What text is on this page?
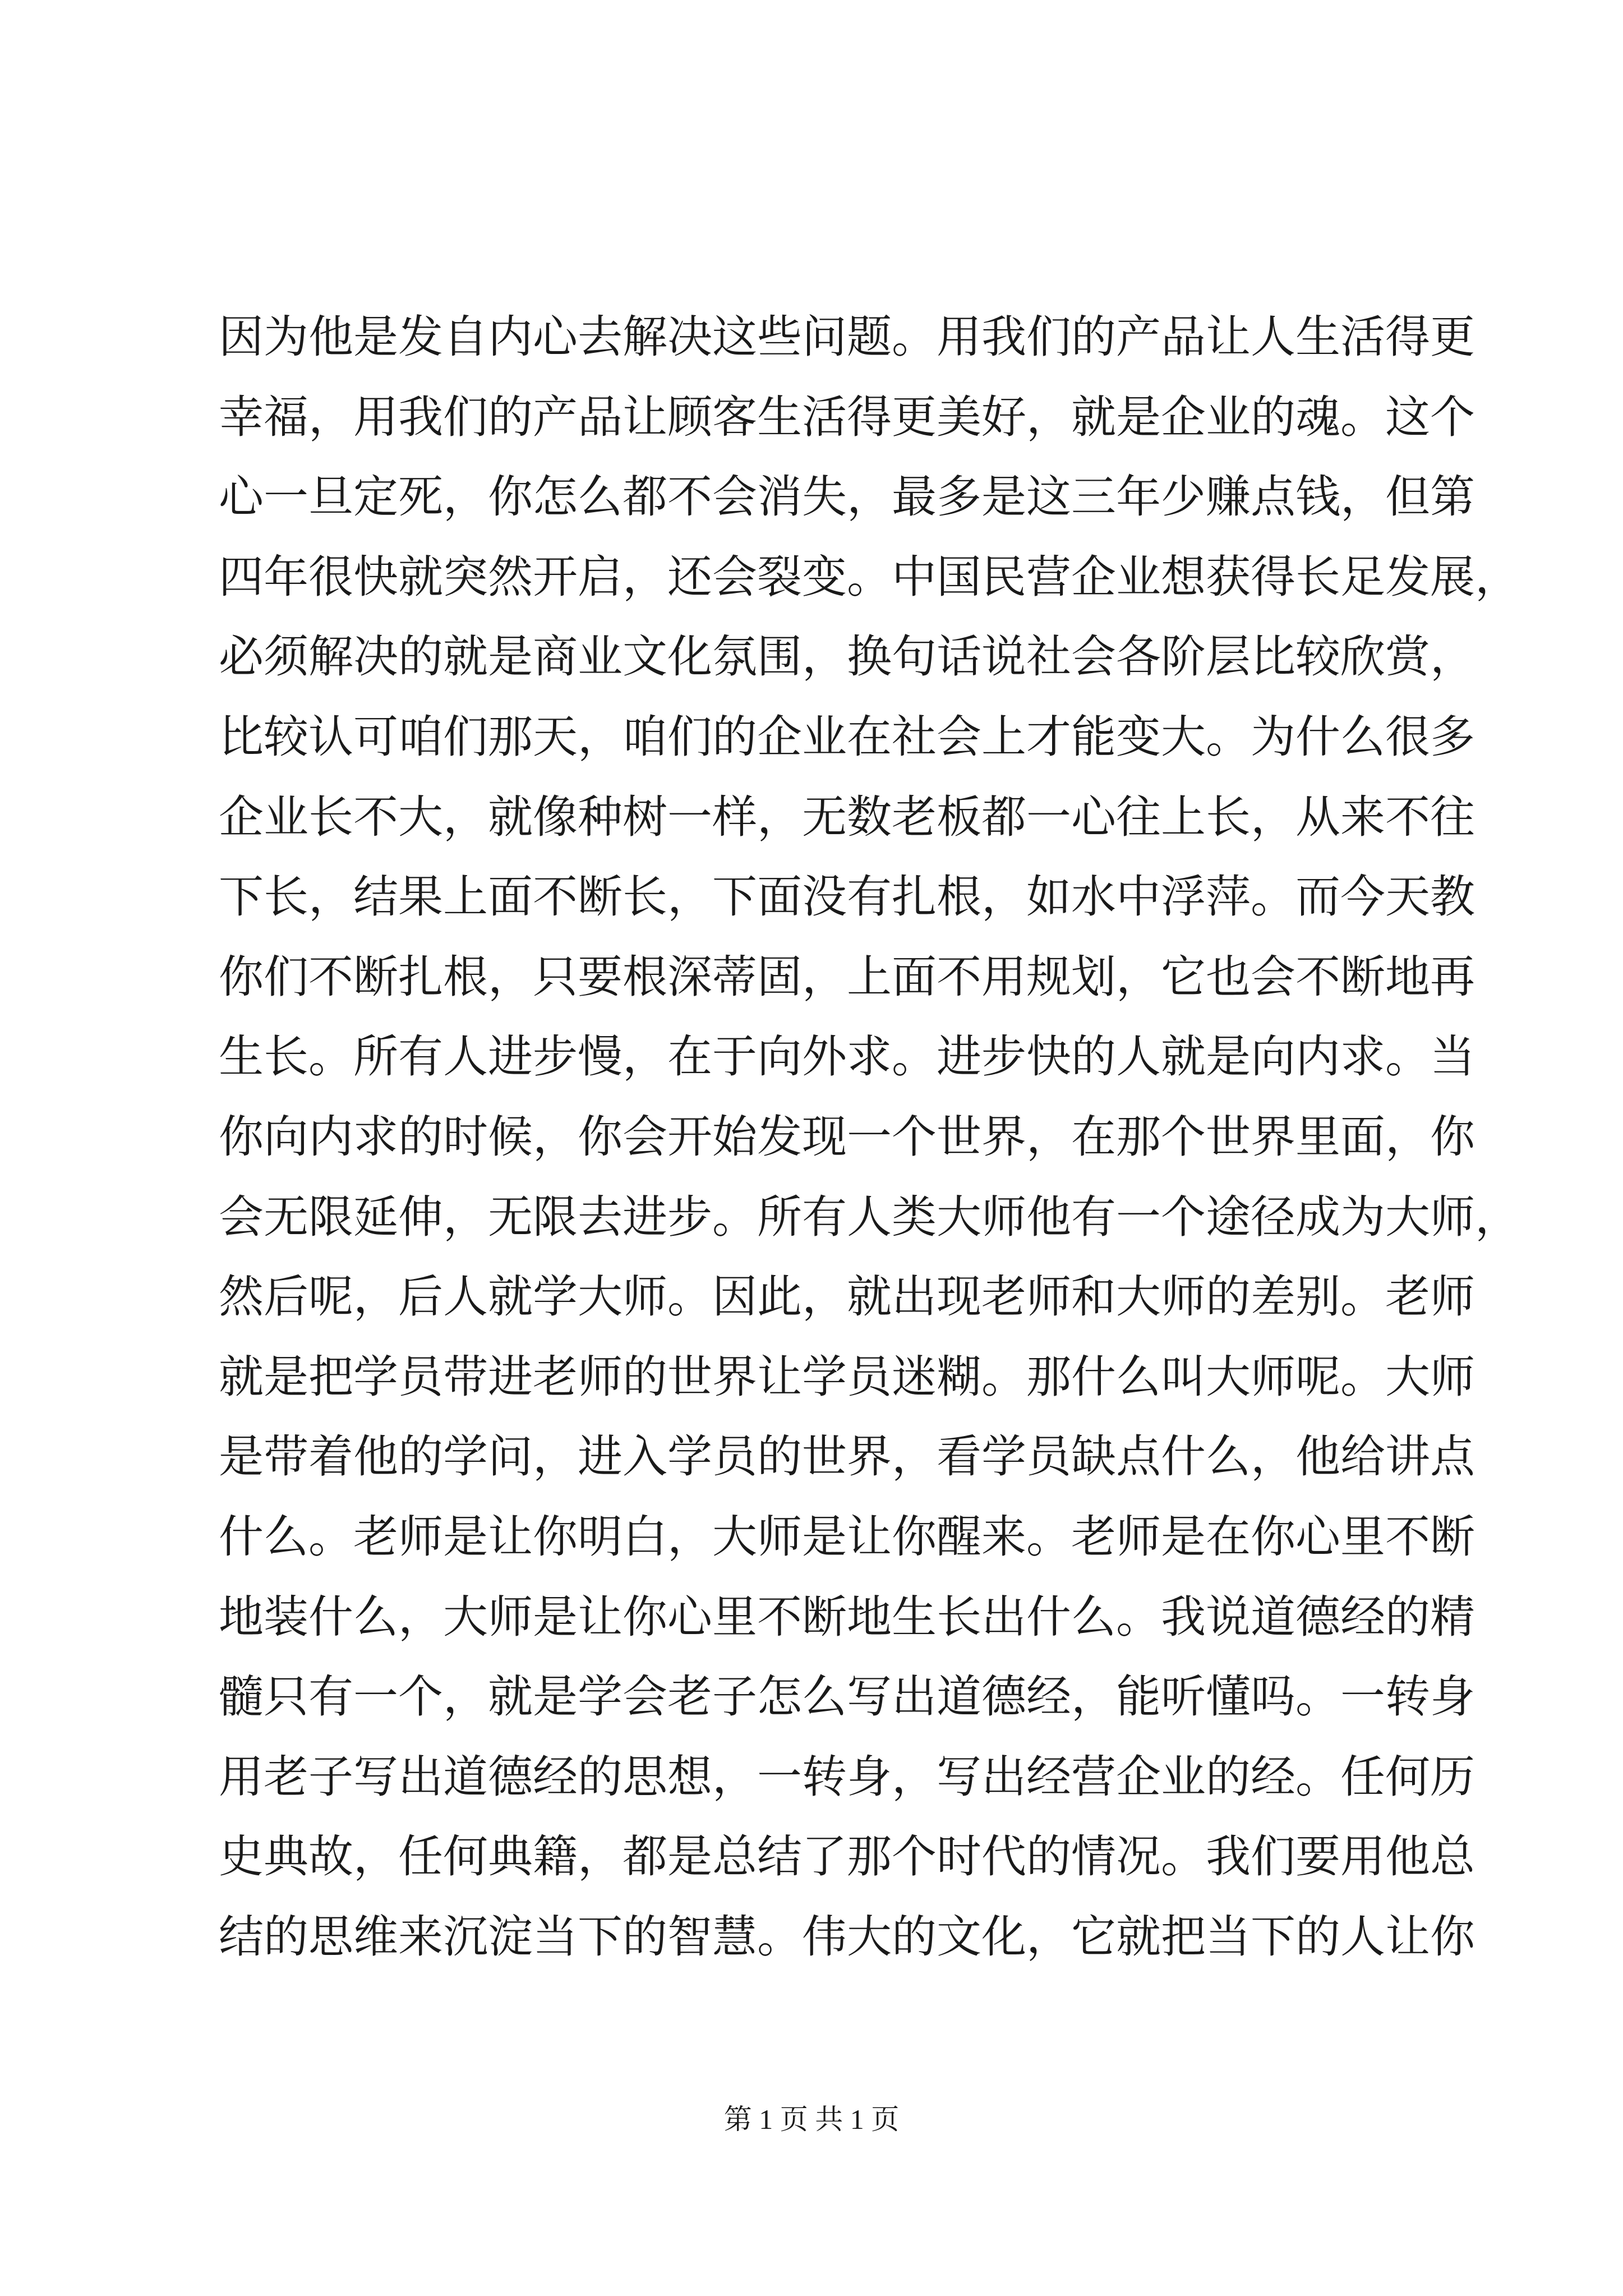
因为他是发自内心去解决这些问题。用我们的产品让人生活得更
幸福，用我们的产品让顾客生活得更美好，就是企业的魂。这个
心一旦定死，你怎么都不会消失，最多是这三年少赚点钱，但第
四年很快就突然开启，还会裂变。中国民营企业想获得长足发展，
必须解决的就是商业文化氛围，换句话说社会各阶层比较欣赏，
比较认可咱们那天，咱们的企业在社会上才能变大。为什么很多
企业长不大，就像种树一样，无数老板都一心往上长，从来不往
下长，结果上面不断长，下面没有扎根，如水中浮萍。而今天教
你们不断扎根，只要根深蒂固，上面不用规划，它也会不断地再
生长。所有人进步慢，在于向外求。进步快的人就是向内求。当
你向内求的时候，你会开始发现一个世界，在那个世界里面，你
会无限延伸，无限去进步。所有人类大师他有一个途径成为大师，
然后呢，后人就学大师。因此，就出现老师和大师的差别。老师
就是把学员带进老师的世界让学员迷糊。那什么叫大师呢。大师
是带着他的学问，进入学员的世界，看学员缺点什么，他给讲点
什么。老师是让你明白，大师是让你醒来。老师是在你心里不断
地装什么，大师是让你心里不断地生长出什么。我说道德经的精
髓只有一个，就是学会老子怎么写出道德经，能听懂吗。一转身
用老子写出道德经的思想，一转身，写出经营企业的经。任何历
史典故，任何典籍，都是总结了那个时代的情况。我们要用他总
结的思维来沉淀当下的智慧。伟大的文化，它就把当下的人让你
第 1 页 共 1 页
